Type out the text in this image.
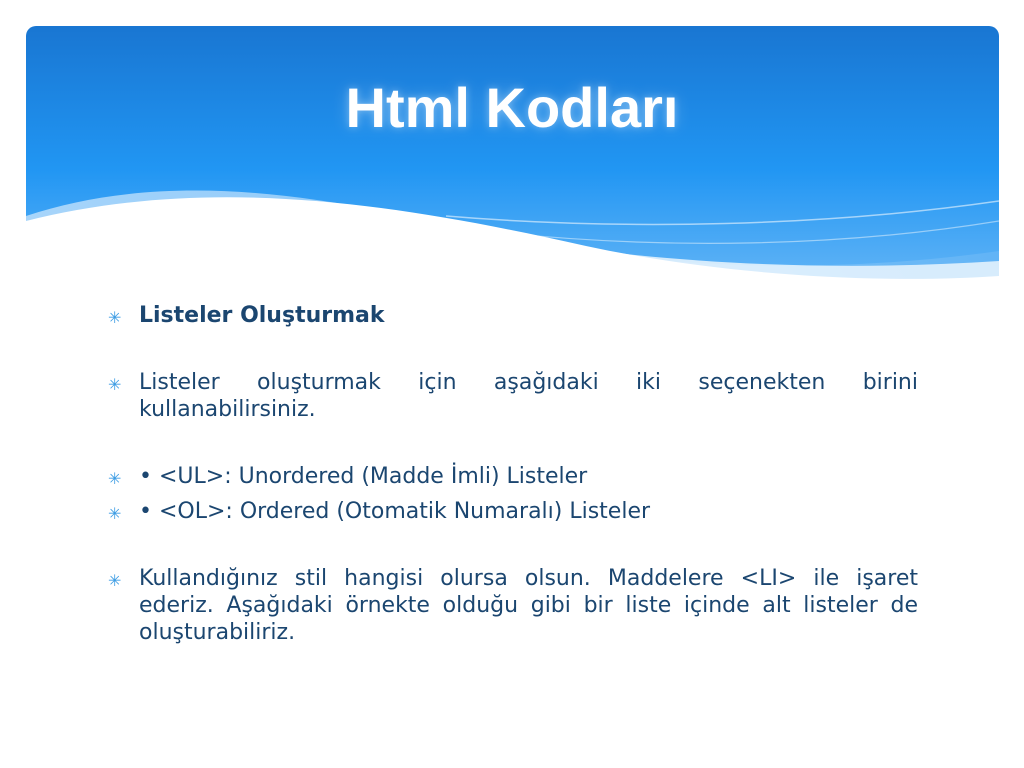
Html Kodları
✳ Listeler Oluşturmak
✳ Listeler oluşturmak için aşağıdaki iki seçenekten birini kullanabilirsiniz.
✳ • <UL>: Unordered (Madde İmli) Listeler
✳ • <OL>: Ordered (Otomatik Numaralı) Listeler
✳ Kullandığınız stil hangisi olursa olsun. Maddelere <LI> ile işaret ederiz. Aşağıdaki örnekte olduğu gibi bir liste içinde alt listeler de oluşturabiliriz.
